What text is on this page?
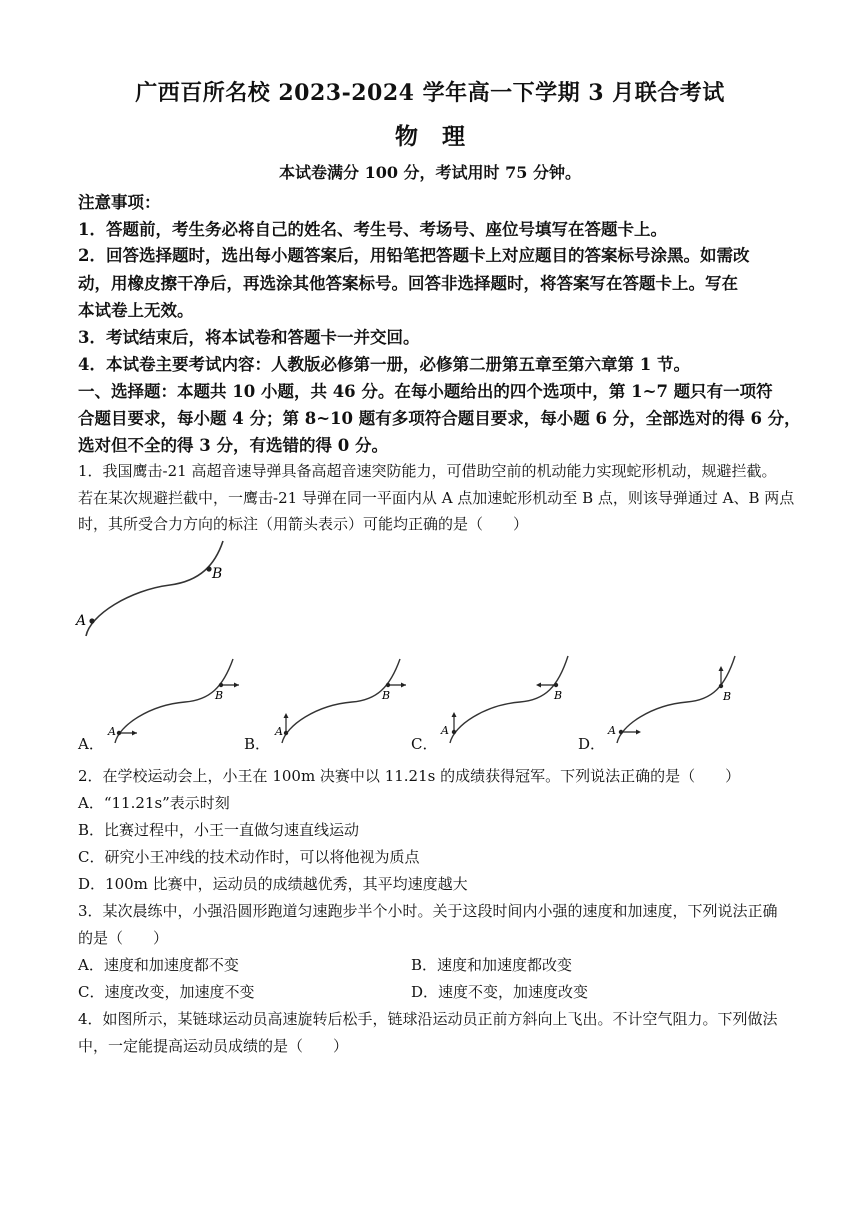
广西百所名校 2023-2024 学年高一下学期 3 月联合考试
物理
本试卷满分 100 分，考试用时 75 分钟。
注意事项：
1．答题前，考生务必将自己的姓名、考生号、考场号、座位号填写在答题卡上。
2．回答选择题时，选出每小题答案后，用铅笔把答题卡上对应题目的答案标号涂黑。如需改
动，用橡皮擦干净后，再选涂其他答案标号。回答非选择题时，将答案写在答题卡上。写在
本试卷上无效。
3．考试结束后，将本试卷和答题卡一并交回。
4．本试卷主要考试内容：人教版必修第一册，必修第二册第五章至第六章第 1 节。
一、选择题：本题共 10 小题，共 46 分。在每小题给出的四个选项中，第 1~7 题只有一项符
合题目要求，每小题 4 分；第 8~10 题有多项符合题目要求，每小题 6 分，全部选对的得 6 分，
选对但不全的得 3 分，有选错的得 0 分。
1．我国鹰击-21 高超音速导弹具备高超音速突防能力，可借助空前的机动能力实现蛇形机动，规避拦截。
若在某次规避拦截中，一鹰击-21 导弹在同一平面内从 A 点加速蛇形机动至 B 点，则该导弹通过 A、B 两点
时，其所受合力方向的标注（用箭头表示）可能均正确的是（　　）
A
B
A
B
A．
A
B
B．
A
B
C．
A
B
D．
2．在学校运动会上，小王在 100m 决赛中以 11.21s 的成绩获得冠军。下列说法正确的是（　　）
A．“11.21s”表示时刻
B．比赛过程中，小王一直做匀速直线运动
C．研究小王冲线的技术动作时，可以将他视为质点
D．100m 比赛中，运动员的成绩越优秀，其平均速度越大
3．某次晨练中，小强沿圆形跑道匀速跑步半个小时。关于这段时间内小强的速度和加速度，下列说法正确
的是（　　）
A．速度和加速度都不变	B．速度和加速度都改变
C．速度改变，加速度不变	D．速度不变，加速度改变
4．如图所示，某链球运动员高速旋转后松手，链球沿运动员正前方斜向上飞出。不计空气阻力。下列做法
中，一定能提高运动员成绩的是（　　）
